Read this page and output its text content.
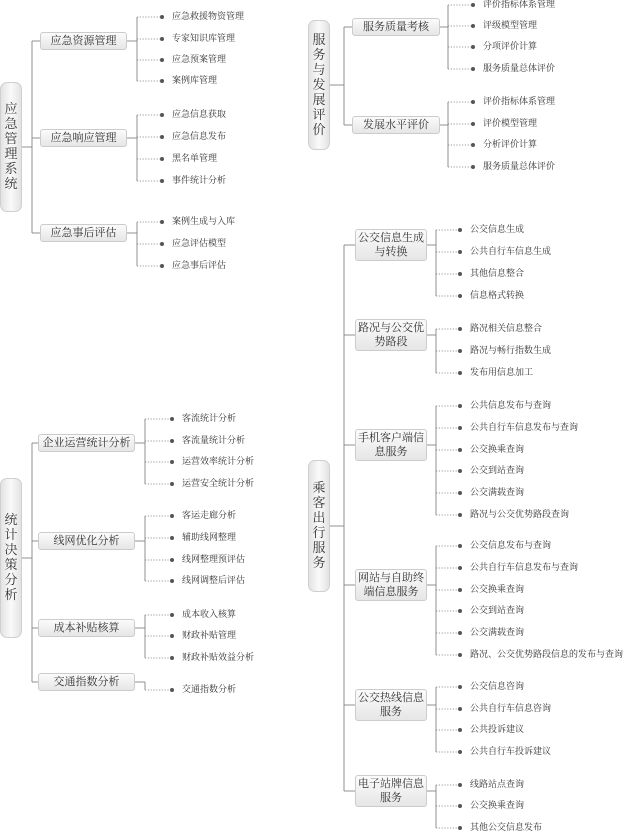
应急管理系统
应急资源管理
应急救援物资管理
专家知识库管理
应急预案管理
案例库管理
应急响应管理
应急信息获取
应急信息发布
黑名单管理
事件统计分析
应急事后评估
案例生成与入库
应急评估模型
应急事后评估
服务与发展评价
服务质量考核
评价指标体系管理
评级模型管理
分项评价计算
服务质量总体评价
发展水平评价
评价指标体系管理
评价模型管理
分析评价计算
服务质量总体评价
统计决策分析
企业运营统计分析
客流统计分析
客流量统计分析
运营效率统计分析
运营安全统计分析
线网优化分析
客运走廊分析
辅助线网整理
线网整理预评估
线网调整后评估
成本补贴核算
成本收入核算
财政补贴管理
财政补贴效益分析
交通指数分析
交通指数分析
乘客出行服务
公交信息生成与转换
公交信息生成
公共自行车信息生成
其他信息整合
信息格式转换
路况与公交优势路段
路况相关信息整合
路况与畅行指数生成
发布用信息加工
手机客户端信息服务
公共信息发布与查询
公共自行车信息发布与查询
公交换乘查询
公交到站查询
公交满载查询
路况与公交优势路段查询
网站与自助终端信息服务
公交信息发布与查询
公共自行车信息发布与查询
公交换乘查询
公交到站查询
公交满载查询
路况、公交优势路段信息的发布与查询
公交热线信息服务
公交信息咨询
公共自行车信息咨询
公共投诉建议
公共自行车投诉建议
电子站牌信息服务
线路站点查询
公交换乘查询
其他公交信息发布
